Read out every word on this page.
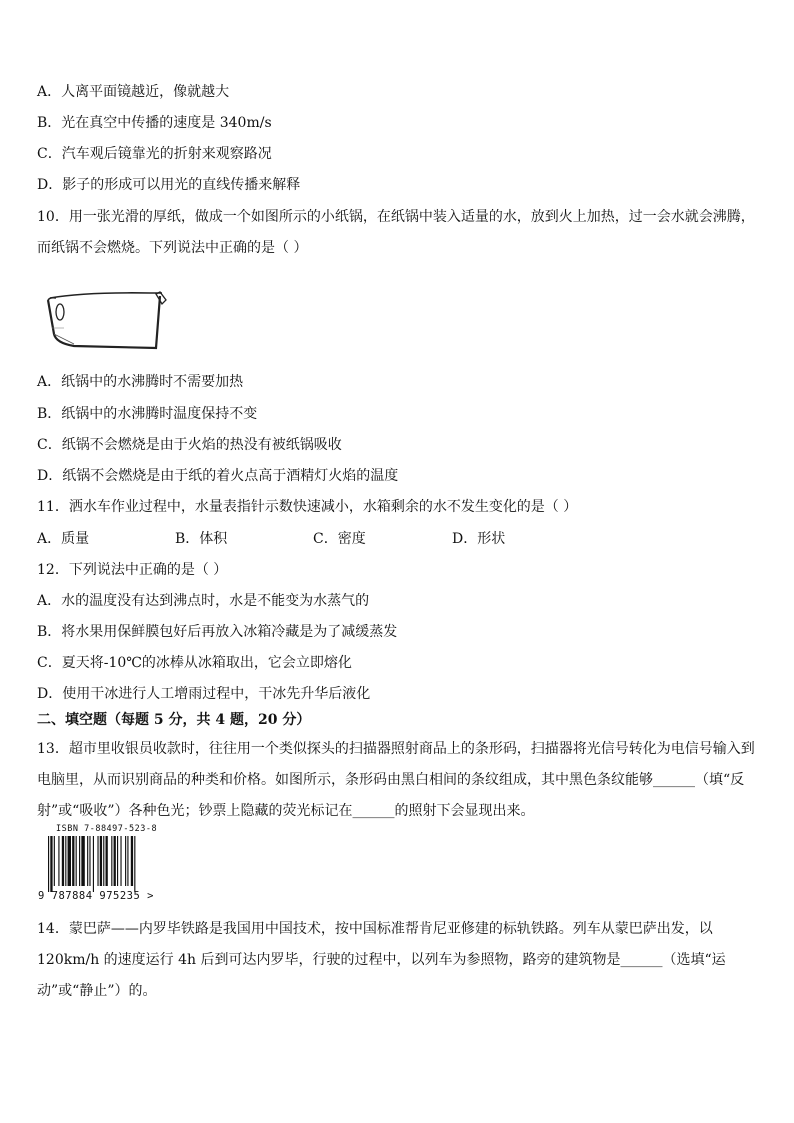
A．人离平面镜越近，像就越大
B．光在真空中传播的速度是 340m/s
C．汽车观后镜靠光的折射来观察路况
D．影子的形成可以用光的直线传播来解释
10．用一张光滑的厚纸，做成一个如图所示的小纸锅，在纸锅中装入适量的水，放到火上加热，过一会水就会沸腾，而纸锅不会燃烧。下列说法中正确的是（ ）
A．纸锅中的水沸腾时不需要加热
B．纸锅中的水沸腾时温度保持不变
C．纸锅不会燃烧是由于火焰的热没有被纸锅吸收
D．纸锅不会燃烧是由于纸的着火点高于酒精灯火焰的温度
11．洒水车作业过程中，水量表指针示数快速减小，水箱剩余的水不发生变化的是（ ）
A．质量	B．体积	C．密度	D．形状
12．下列说法中正确的是（ ）
A．水的温度没有达到沸点时，水是不能变为水蒸气的
B．将水果用保鲜膜包好后再放入冰箱冷藏是为了减缓蒸发
C．夏天将-10℃的冰棒从冰箱取出，它会立即熔化
D．使用干冰进行人工增雨过程中，干冰先升华后液化
二、填空题（每题 5 分，共 4 题，20 分）
13．超市里收银员收款时，往往用一个类似探头的扫描器照射商品上的条形码，扫描器将光信号转化为电信号输入到电脑里，从而识别商品的种类和价格。如图所示，条形码由黑白相间的条纹组成，其中黑色条纹能够______（填“反射”或“吸收”）各种色光；钞票上隐藏的荧光标记在______的照射下会显现出来。
ISBN 7-88497-523-8
9 787884 975235 >
14．蒙巴萨——内罗毕铁路是我国用中国技术，按中国标准帮肯尼亚修建的标轨铁路。列车从蒙巴萨出发，以 120km/h 的速度运行 4h 后到可达内罗毕，行驶的过程中，以列车为参照物，路旁的建筑物是______（选填“运动”或“静止”）的。
